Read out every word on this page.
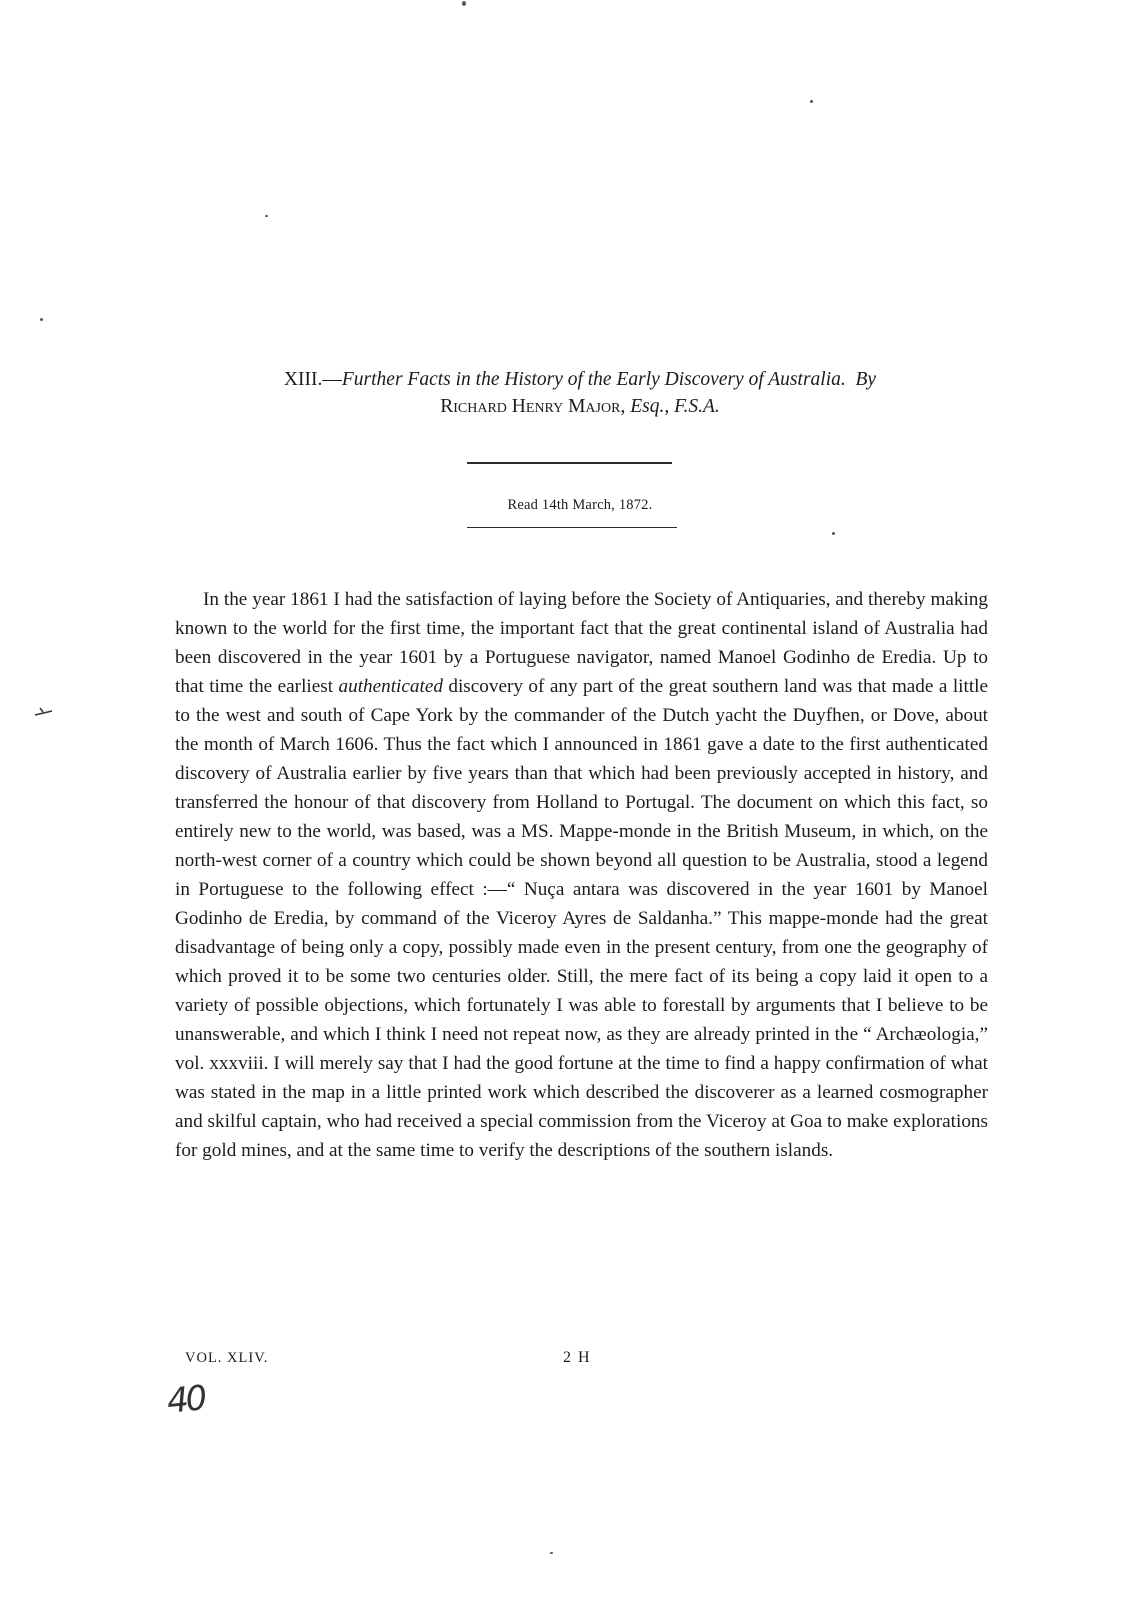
XIII.—Further Facts in the History of the Early Discovery of Australia. By
Richard Henry Major, Esq., F.S.A.
Read 14th March, 1872.

In the year 1861 I had the satisfaction of laying before the Society of Antiquaries, and thereby making known to the world for the first time, the important fact that the great continental island of Australia had been discovered in the year 1601 by a Portuguese navigator, named Manoel Godinho de Eredia. Up to that time the earliest authenticated discovery of any part of the great southern land was that made a little to the west and south of Cape York by the commander of the Dutch yacht the Duyfhen, or Dove, about the month of March 1606. Thus the fact which I announced in 1861 gave a date to the first authenticated discovery of Australia earlier by five years than that which had been previously accepted in history, and transferred the honour of that discovery from Holland to Portugal. The document on which this fact, so entirely new to the world, was based, was a MS. Mappe-monde in the British Museum, in which, on the north-west corner of a country which could be shown beyond all question to be Australia, stood a legend in Portuguese to the following effect :—“ Nuça antara was discovered in the year 1601 by Manoel Godinho de Eredia, by command of the Viceroy Ayres de Saldanha.” This mappe-monde had the great disadvantage of being only a copy, possibly made even in the present century, from one the geography of which proved it to be some two centuries older. Still, the mere fact of its being a copy laid it open to a variety of possible objections, which fortunately I was able to forestall by arguments that I believe to be unanswerable, and which I think I need not repeat now, as they are already printed in the “ Archæologia,” vol. xxxviii. I will merely say that I had the good fortune at the time to find a happy confirmation of what was stated in the map in a little printed work which described the discoverer as a learned cosmographer and skilful captain, who had received a special commission from the Viceroy at Goa to make explorations for gold mines, and at the same time to verify the descriptions of the southern islands.

VOL. XLIV.	2 H
40
